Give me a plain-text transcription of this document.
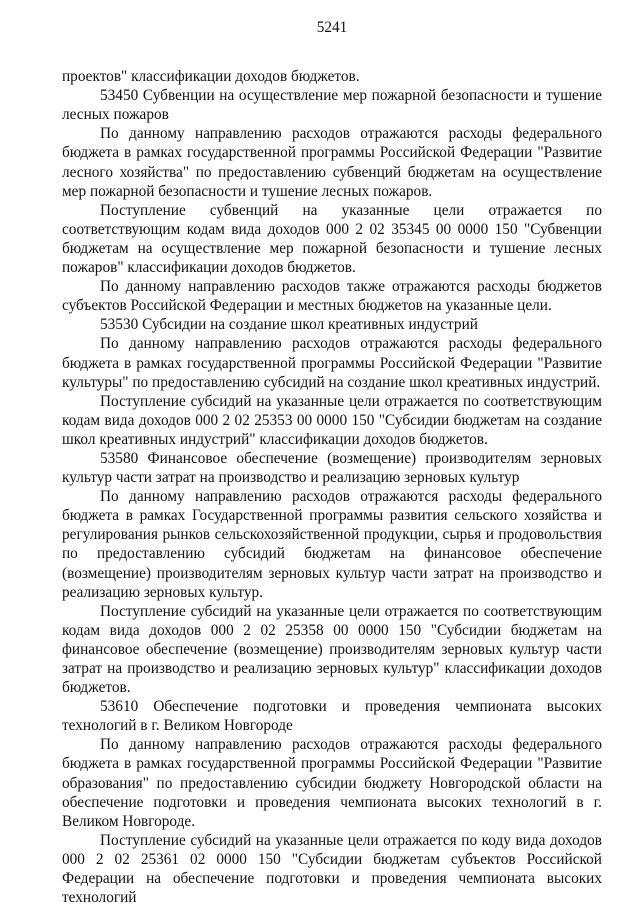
5241

проектов" классификации доходов бюджетов.

53450 Субвенции на осуществление мер пожарной безопасности и тушение лесных пожаров

По данному направлению расходов отражаются расходы федерального бюджета в рамках государственной программы Российской Федерации "Развитие лесного хозяйства" по предоставлению субвенций бюджетам на осуществление мер пожарной безопасности и тушение лесных пожаров.

Поступление субвенций на указанные цели отражается по соответствующим кодам вида доходов 000 2 02 35345 00 0000 150 "Субвенции бюджетам на осуществление мер пожарной безопасности и тушение лесных пожаров" классификации доходов бюджетов.

По данному направлению расходов также отражаются расходы бюджетов субъектов Российской Федерации и местных бюджетов на указанные цели.

53530 Субсидии на создание школ креативных индустрий

По данному направлению расходов отражаются расходы федерального бюджета в рамках государственной программы Российской Федерации "Развитие культуры" по предоставлению субсидий на создание школ креативных индустрий.

Поступление субсидий на указанные цели отражается по соответствующим кодам вида доходов 000 2 02 25353 00 0000 150 "Субсидии бюджетам на создание школ креативных индустрий" классификации доходов бюджетов.

53580 Финансовое обеспечение (возмещение) производителям зерновых культур части затрат на производство и реализацию зерновых культур

По данному направлению расходов отражаются расходы федерального бюджета в рамках Государственной программы развития сельского хозяйства и регулирования рынков сельскохозяйственной продукции, сырья и продовольствия по предоставлению субсидий бюджетам на финансовое обеспечение (возмещение) производителям зерновых культур части затрат на производство и реализацию зерновых культур.

Поступление субсидий на указанные цели отражается по соответствующим кодам вида доходов 000 2 02 25358 00 0000 150 "Субсидии бюджетам на финансовое обеспечение (возмещение) производителям зерновых культур части затрат на производство и реализацию зерновых культур" классификации доходов бюджетов.

53610 Обеспечение подготовки и проведения чемпионата высоких технологий в г. Великом Новгороде

По данному направлению расходов отражаются расходы федерального бюджета в рамках государственной программы Российской Федерации "Развитие образования" по предоставлению субсидии бюджету Новгородской области на обеспечение подготовки и проведения чемпионата высоких технологий в г. Великом Новгороде.

Поступление субсидий на указанные цели отражается по коду вида доходов 000 2 02 25361 02 0000 150 "Субсидии бюджетам субъектов Российской Федерации на обеспечение подготовки и проведения чемпионата высоких технологий
